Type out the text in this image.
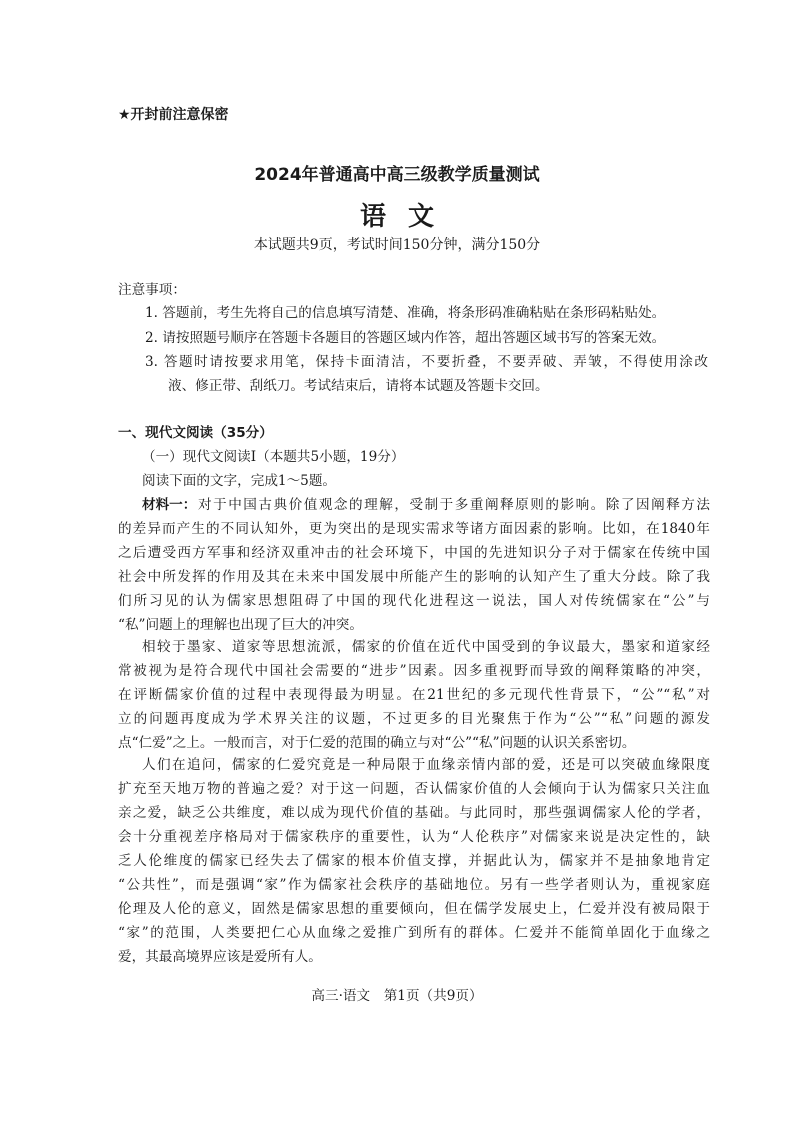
★开封前注意保密
2024年普通高中高三级教学质量测试
语文
本试题共9页，考试时间150分钟，满分150分
注意事项：
1. 答题前，考生先将自己的信息填写清楚、准确，将条形码准确粘贴在条形码粘贴处。
2. 请按照题号顺序在答题卡各题目的答题区域内作答，超出答题区域书写的答案无效。
3. 答题时请按要求用笔，保持卡面清洁，不要折叠，不要弄破、弄皱，不得使用涂改
液、修正带、刮纸刀。考试结束后，请将本试题及答题卡交回。
一、现代文阅读（35分）
（一）现代文阅读Ⅰ（本题共5小题，19分）
阅读下面的文字，完成1～5题。
材料一： 对于中国古典价值观念的理解，受制于多重阐释原则的影响。除了因阐释方法
的差异而产生的不同认知外，更为突出的是现实需求等诸方面因素的影响。比如，在1840年
之后遭受西方军事和经济双重冲击的社会环境下，中国的先进知识分子对于儒家在传统中国
社会中所发挥的作用及其在未来中国发展中所能产生的影响的认知产生了重大分歧。除了我
们所习见的认为儒家思想阻碍了中国的现代化进程这一说法，国人对传统儒家在“公”与
“私”问题上的理解也出现了巨大的冲突。
相较于墨家、道家等思想流派，儒家的价值在近代中国受到的争议最大，墨家和道家经
常被视为是符合现代中国社会需要的“进步”因素。因多重视野而导致的阐释策略的冲突，
在评断儒家价值的过程中表现得最为明显。在21世纪的多元现代性背景下，“公”“私”对
立的问题再度成为学术界关注的议题，不过更多的目光聚焦于作为“公”“私”问题的源发
点“仁爱”之上。一般而言，对于仁爱的范围的确立与对“公”“私”问题的认识关系密切。
人们在追问，儒家的仁爱究竟是一种局限于血缘亲情内部的爱，还是可以突破血缘限度
扩充至天地万物的普遍之爱？对于这一问题，否认儒家价值的人会倾向于认为儒家只关注血
亲之爱，缺乏公共维度，难以成为现代价值的基础。与此同时，那些强调儒家人伦的学者，
会十分重视差序格局对于儒家秩序的重要性，认为“人伦秩序”对儒家来说是决定性的，缺
乏人伦维度的儒家已经失去了儒家的根本价值支撑，并据此认为，儒家并不是抽象地肯定
“公共性”，而是强调“家”作为儒家社会秩序的基础地位。另有一些学者则认为，重视家庭
伦理及人伦的意义，固然是儒家思想的重要倾向，但在儒学发展史上，仁爱并没有被局限于
“家”的范围，人类要把仁心从血缘之爱推广到所有的群体。仁爱并不能简单固化于血缘之
爱，其最高境界应该是爱所有人。
高三·语文　第1页（共9页）
